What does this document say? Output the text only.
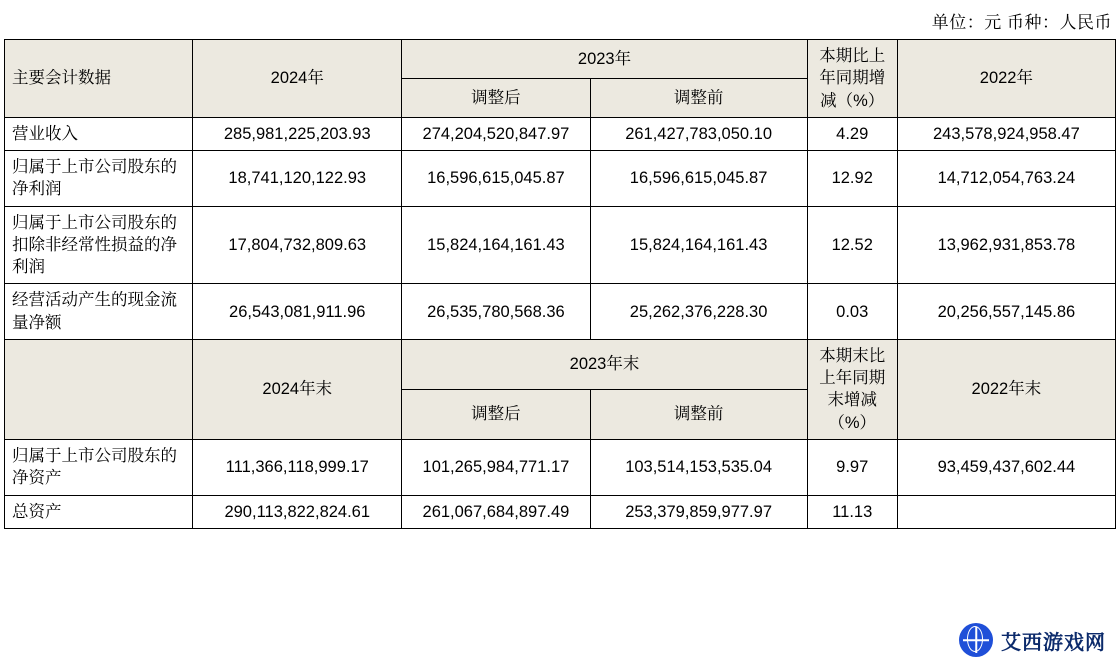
单位：元 币种：人民币
主要会计数据	2024年	2023年		本期比上年同期增减（%）	2022年
		调整后	调整前		
营业收入	285,981,225,203.93	274,204,520,847.97	261,427,783,050.10	4.29	243,578,924,958.47
归属于上市公司股东的净利润	18,741,120,122.93	16,596,615,045.87	16,596,615,045.87	12.92	14,712,054,763.24
归属于上市公司股东的扣除非经常性损益的净利润	17,804,732,809.63	15,824,164,161.43	15,824,164,161.43	12.52	13,962,931,853.78
经营活动产生的现金流量净额	26,543,081,911.96	26,535,780,568.36	25,262,376,228.30	0.03	20,256,557,145.86
	2024年末	2023年末		本期末比上年同期末增减（%）	2022年末
		调整后	调整前		
归属于上市公司股东的净资产	111,366,118,999.17	101,265,984,771.17	103,514,153,535.04	9.97	93,459,437,602.44
总资产	290,113,822,824.61	261,067,684,897.49	253,379,859,977.97	11.13	
艾西游戏网
